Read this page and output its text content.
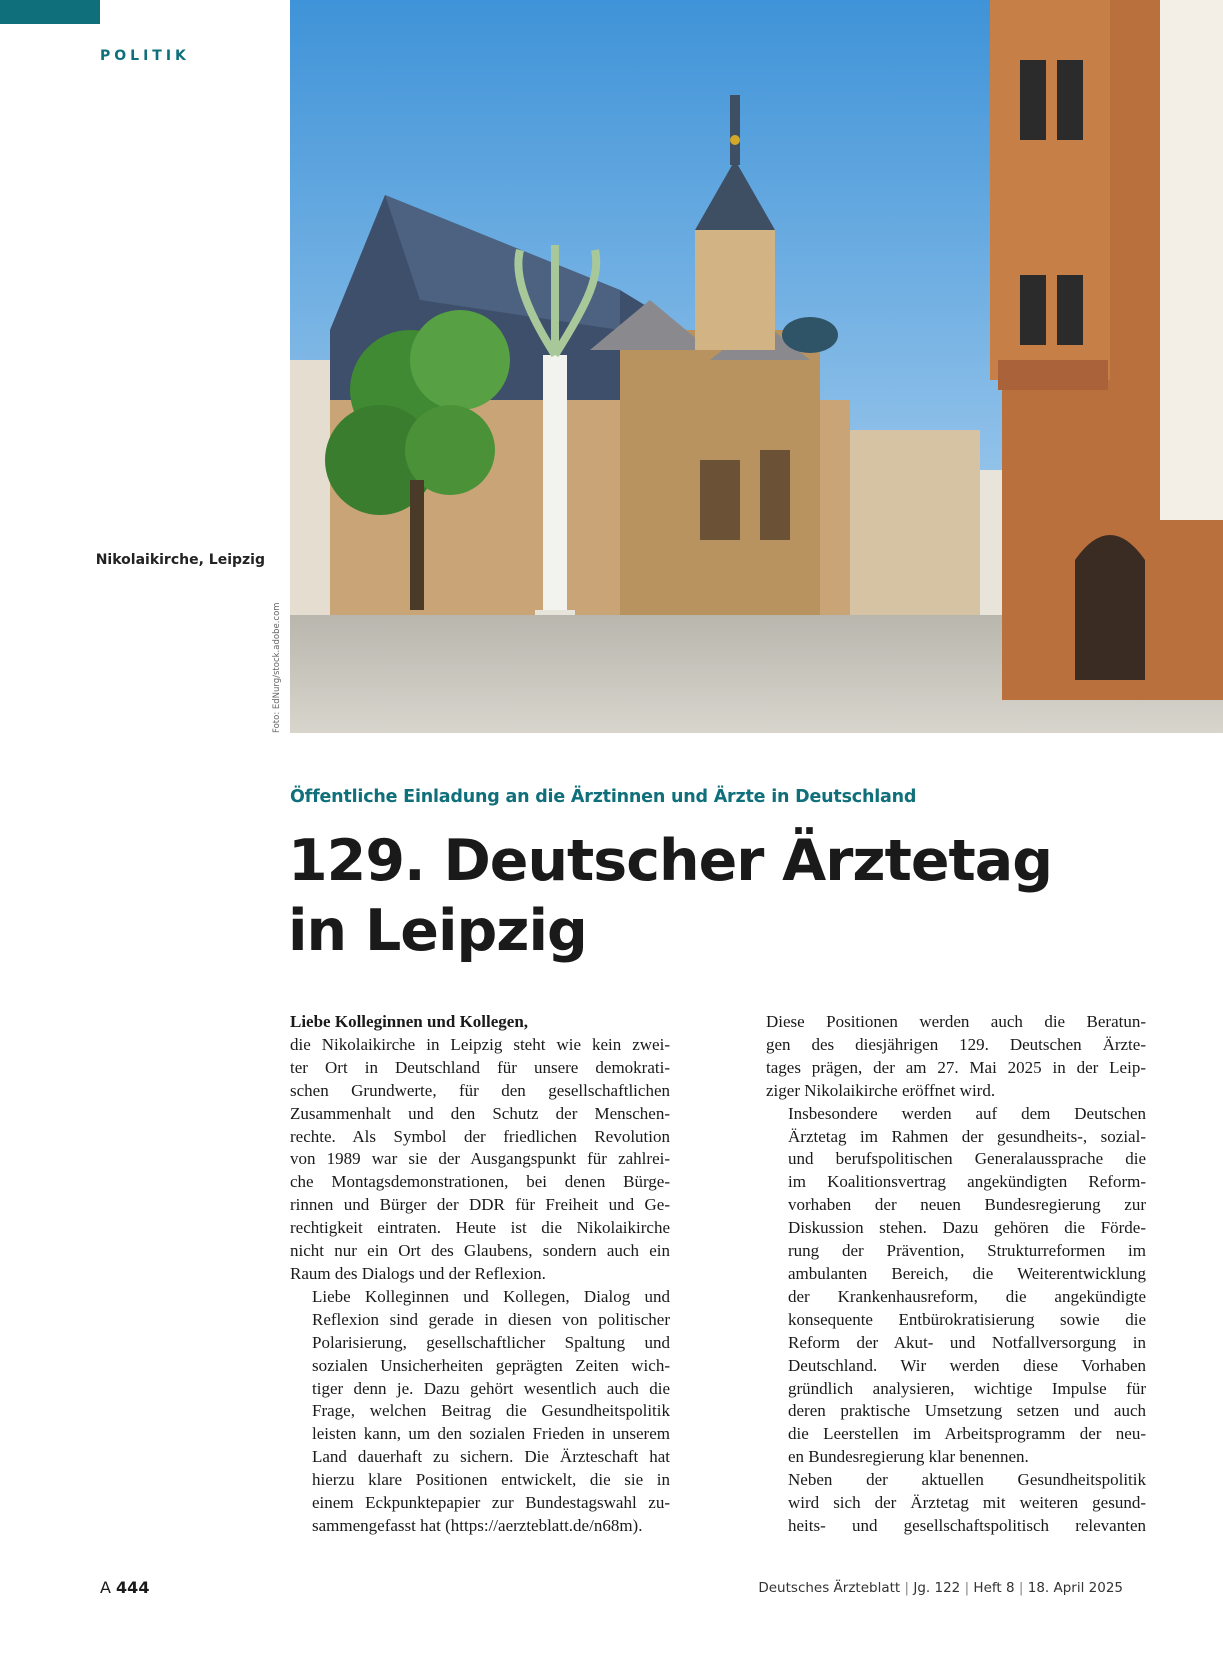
POLITIK
Nikolaikirche, Leipzig
Foto: EdNurg/stock.adobe.com
Öffentliche Einladung an die Ärztinnen und Ärzte in Deutschland
129. Deutscher Ärztetag
in Leipzig

Liebe Kolleginnen und Kollegen,
die Nikolaikirche in Leipzig steht wie kein zwei-
ter Ort in Deutschland für unsere demokrati-
schen Grundwerte, für den gesellschaftlichen
Zusammenhalt und den Schutz der Menschen-
rechte. Als Symbol der friedlichen Revolution
von 1989 war sie der Ausgangspunkt für zahlrei-
che Montagsdemonstrationen, bei denen Bürge-
rinnen und Bürger der DDR für Freiheit und Ge-
rechtigkeit eintraten. Heute ist die Nikolaikirche
nicht nur ein Ort des Glaubens, sondern auch ein
Raum des Dialogs und der Reflexion.

Liebe Kolleginnen und Kollegen, Dialog und
Reflexion sind gerade in diesen von politischer
Polarisierung, gesellschaftlicher Spaltung und
sozialen Unsicherheiten geprägten Zeiten wich-
tiger denn je. Dazu gehört wesentlich auch die
Frage, welchen Beitrag die Gesundheitspolitik
leisten kann, um den sozialen Frieden in unserem
Land dauerhaft zu sichern. Die Ärzteschaft hat
hierzu klare Positionen entwickelt, die sie in
einem Eckpunktepapier zur Bundestagswahl zu-
sammengefasst hat (https://aerzteblatt.de/n68m).

Diese Positionen werden auch die Beratun-
gen des diesjährigen 129. Deutschen Ärzte-
tages prägen, der am 27. Mai 2025 in der Leip-
ziger Nikolaikirche eröffnet wird.

Insbesondere werden auf dem Deutschen
Ärztetag im Rahmen der gesundheits-, sozial-
und berufspolitischen Generalaussprache die
im Koalitionsvertrag angekündigten Reform-
vorhaben der neuen Bundesregierung zur
Diskussion stehen. Dazu gehören die Förde-
rung der Prävention, Strukturreformen im
ambulanten Bereich, die Weiterentwicklung
der Krankenhausreform, die angekündigte
konsequente Entbürokratisierung sowie die
Reform der Akut- und Notfallversorgung in
Deutschland. Wir werden diese Vorhaben
gründlich analysieren, wichtige Impulse für
deren praktische Umsetzung setzen und auch
die Leerstellen im Arbeitsprogramm der neu-
en Bundesregierung klar benennen.

Neben der aktuellen Gesundheitspolitik
wird sich der Ärztetag mit weiteren gesund-
heits- und gesellschaftspolitisch relevanten

A 444	Deutsches Ärzteblatt | Jg. 122 | Heft 8 | 18. April 2025
